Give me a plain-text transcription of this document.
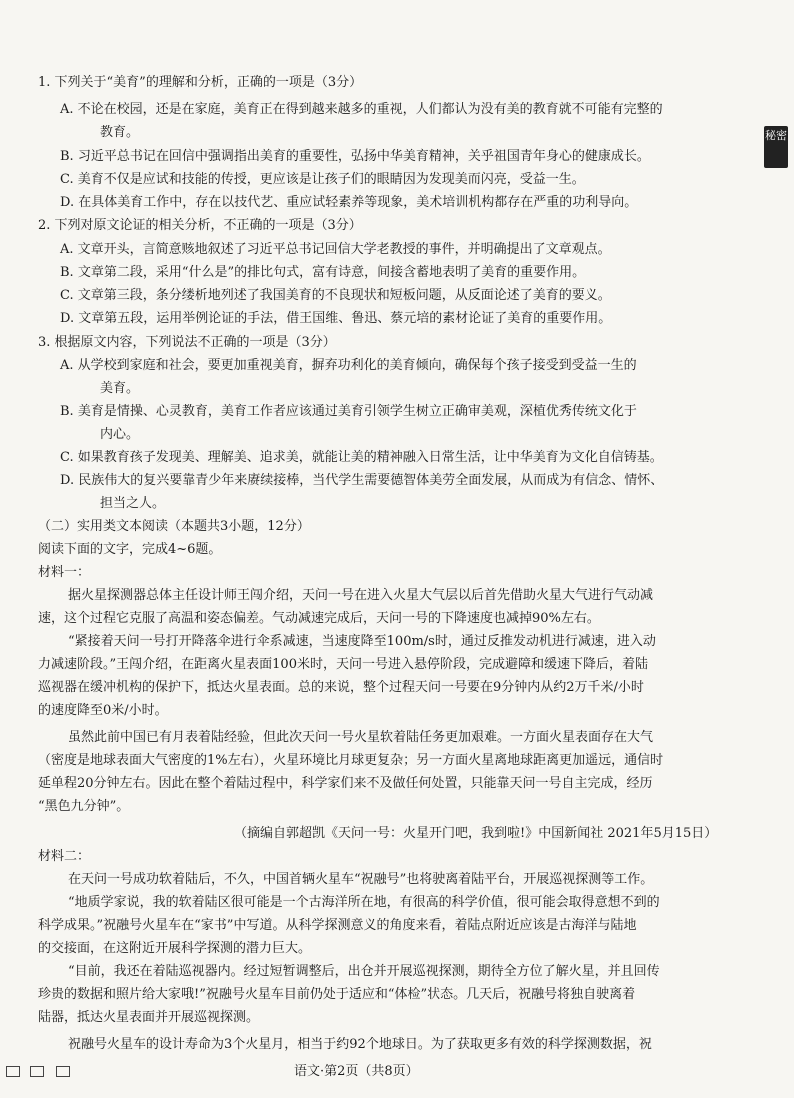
秘密
1. 下列关于“美育”的理解和分析，正确的一项是（3分）
A. 不论在校园，还是在家庭，美育正在得到越来越多的重视，人们都认为没有美的教育就不可能有完整的
教育。
B. 习近平总书记在回信中强调指出美育的重要性，弘扬中华美育精神，关乎祖国青年身心的健康成长。
C. 美育不仅是应试和技能的传授，更应该是让孩子们的眼睛因为发现美而闪亮，受益一生。
D. 在具体美育工作中，存在以技代艺、重应试轻素养等现象，美术培训机构都存在严重的功利导向。
2. 下列对原文论证的相关分析，不正确的一项是（3分）
A. 文章开头，言简意赅地叙述了习近平总书记回信大学老教授的事件，并明确提出了文章观点。
B. 文章第二段，采用“什么是”的排比句式，富有诗意，间接含蓄地表明了美育的重要作用。
C. 文章第三段，条分缕析地列述了我国美育的不良现状和短板问题，从反面论述了美育的要义。
D. 文章第五段，运用举例论证的手法，借王国维、鲁迅、蔡元培的素材论证了美育的重要作用。
3. 根据原文内容，下列说法不正确的一项是（3分）
A. 从学校到家庭和社会，要更加重视美育，摒弃功利化的美育倾向，确保每个孩子接受到受益一生的
美育。
B. 美育是情操、心灵教育，美育工作者应该通过美育引领学生树立正确审美观，深植优秀传统文化于
内心。
C. 如果教育孩子发现美、理解美、追求美，就能让美的精神融入日常生活，让中华美育为文化自信铸基。
D. 民族伟大的复兴要靠青少年来赓续接棒，当代学生需要德智体美劳全面发展，从而成为有信念、情怀、
担当之人。
（二）实用类文本阅读（本题共3小题，12分）
阅读下面的文字，完成4~6题。
材料一：
据火星探测器总体主任设计师王闯介绍，天问一号在进入火星大气层以后首先借助火星大气进行气动减
速，这个过程它克服了高温和姿态偏差。气动减速完成后，天问一号的下降速度也减掉90%左右。
“紧接着天问一号打开降落伞进行伞系减速，当速度降至100m/s时，通过反推发动机进行减速，进入动
力减速阶段。”王闯介绍，在距离火星表面100米时，天问一号进入悬停阶段，完成避障和缓速下降后，着陆
巡视器在缓冲机构的保护下，抵达火星表面。总的来说，整个过程天问一号要在9分钟内从约2万千米/小时
的速度降至0米/小时。
虽然此前中国已有月表着陆经验，但此次天问一号火星软着陆任务更加艰难。一方面火星表面存在大气
（密度是地球表面大气密度的1%左右），火星环境比月球更复杂；另一方面火星离地球距离更加遥远，通信时
延单程20分钟左右。因此在整个着陆过程中，科学家们来不及做任何处置，只能靠天问一号自主完成，经历
“黑色九分钟”。
（摘编自郭超凯《天问一号：火星开门吧，我到啦!》中国新闻社 2021年5月15日）
材料二：
在天问一号成功软着陆后，不久，中国首辆火星车“祝融号”也将驶离着陆平台，开展巡视探测等工作。
“地质学家说，我的软着陆区很可能是一个古海洋所在地，有很高的科学价值，很可能会取得意想不到的
科学成果。”祝融号火星车在“家书”中写道。从科学探测意义的角度来看，着陆点附近应该是古海洋与陆地
的交接面，在这附近开展科学探测的潜力巨大。
“目前，我还在着陆巡视器内。经过短暂调整后，出仓并开展巡视探测，期待全方位了解火星，并且回传
珍贵的数据和照片给大家哦!”祝融号火星车目前仍处于适应和“体检”状态。几天后，祝融号将独自驶离着
陆器，抵达火星表面并开展巡视探测。
祝融号火星车的设计寿命为3个火星月，相当于约92个地球日。为了获取更多有效的科学探测数据，祝
语文·第2页（共8页）
